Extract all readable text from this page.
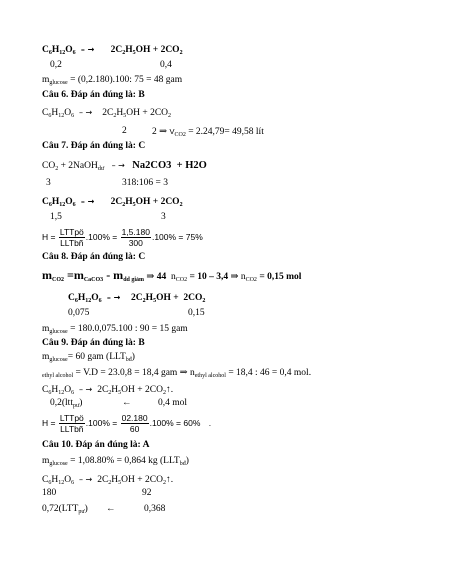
$C_6H_{12}O_6$  – →      $2C_2H_5OH + 2CO_2$
0,2	0,4
$m_{glucose} = (0,2.180).100$: 75 = 48 gam
Câu 6. Đáp án đúng là: B
$C_6H_{12}O_6$  – →    $2C_2H_5OH + 2CO_2$
2	2 ⇒ $V_{CO2} = 2.24,79= 49,58$ lít
Câu 7. Đáp án đúng là: C
$CO_2$ + 2NaOH$_{dư}$   – →   Na2CO3  + H2O
3	318:106 = 3
$C_6H_{12}O_6$  – →      $2C_2H_5OH + 2CO_2$
1,5	3
$H = \frac{\text{LTTpö}}{\text{LLTbñ}} .100\% = \frac{1,5.180}{300} .100\% = 75\%$
Câu 8. Đáp án đúng là: C
$m_{CO2} =m_{CaCO3} - m_{dd giảm}$ ⇒ 44  $n_{CO2} = 10 - 3,4$ ⇒ $n_{CO2} = 0,15$ mol
$C_6H_{12}O_6$  – →    $2C_2H_5OH + 2CO_2$
0,075	0,15
$m_{glucose} = 180.0,075.100$ : 90 = 15 gam
Câu 9. Đáp án đúng là: B
$m_{glucose}= 60$ gam $(LLT_{bđ})$
$_{ethyl alcohol}$ = V.D = 23.0,8 = 18,4 gam ⇒ $n_{ethyl alcohol} = 18,4$ : 46 = 0,4 mol.
$C_6H_{12}O_6$  – →  $2C_2H_5OH$ + $2CO_2↑$.
0,2(ltt$_{pư}$)	←	0,4 mol
$H = \frac{\text{LTTpö}}{\text{LLTbñ}} .100\% = \frac{02.180}{60} .100\% = 60\%$ .
Câu 10. Đáp án đúng là: A
$m_{glucose} = 1,08.80\% = 0,864$ kg $(LLT_{bđ})$
$C_6H_{12}O_6$  – →  $2C_2H_5OH$ + $2CO_2↑$.
180	92
$0,72(LTT_{pư})$ ←	0,368
